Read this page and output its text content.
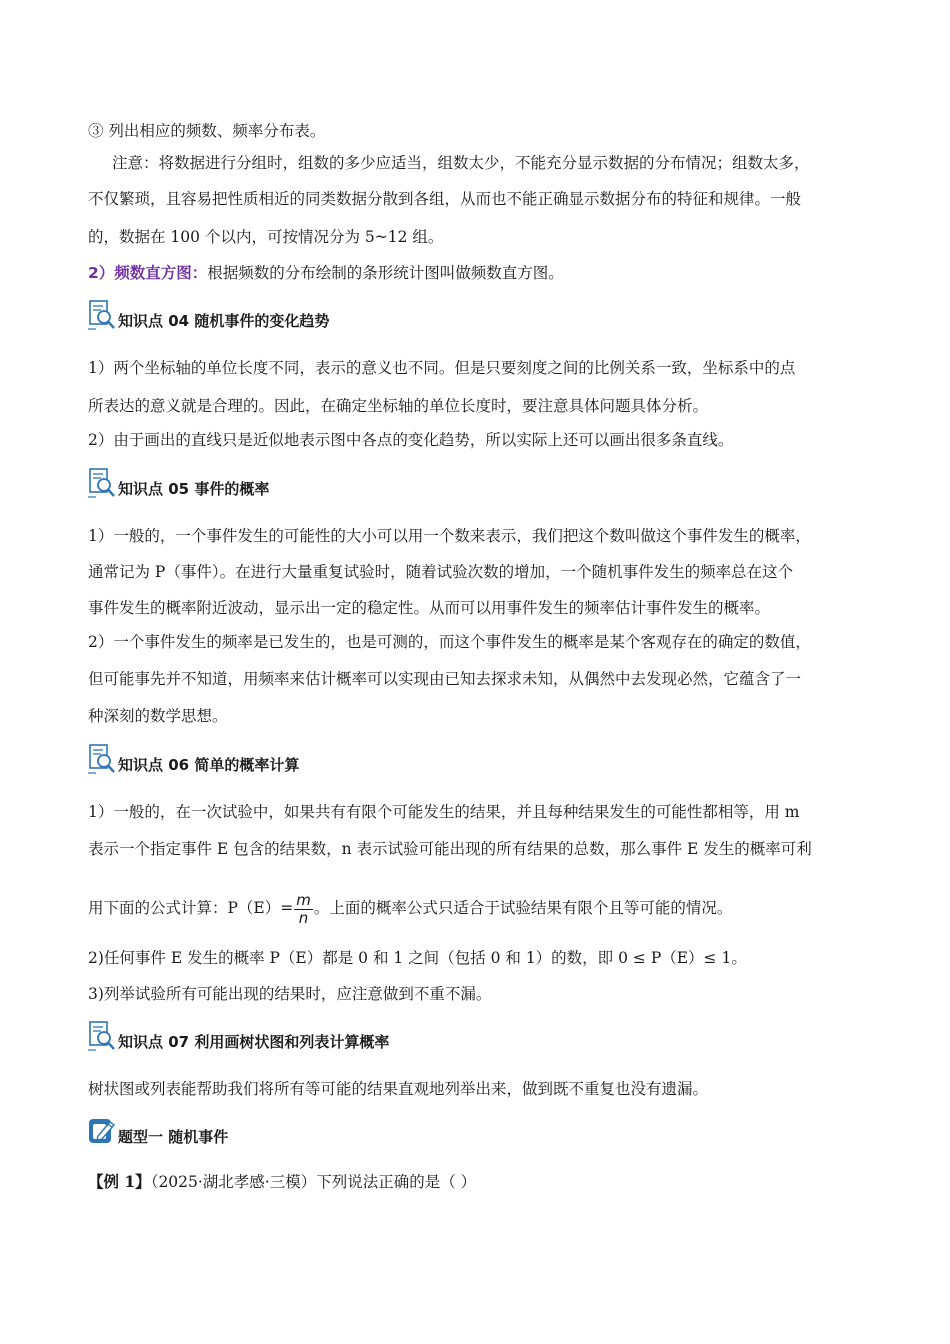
③ 列出相应的频数、频率分布表。
注意：将数据进行分组时，组数的多少应适当，组数太少，不能充分显示数据的分布情况；组数太多，
不仅繁琐，且容易把性质相近的同类数据分散到各组，从而也不能正确显示数据分布的特征和规律。一般
的，数据在 100 个以内，可按情况分为 5~12 组。
2）频数直方图：根据频数的分布绘制的条形统计图叫做频数直方图。
知识点 04 随机事件的变化趋势
1）两个坐标轴的单位长度不同，表示的意义也不同。但是只要刻度之间的比例关系一致，坐标系中的点
所表达的意义就是合理的。因此，在确定坐标轴的单位长度时，要注意具体问题具体分析。
2）由于画出的直线只是近似地表示图中各点的变化趋势，所以实际上还可以画出很多条直线。
知识点 05 事件的概率
1）一般的，一个事件发生的可能性的大小可以用一个数来表示，我们把这个数叫做这个事件发生的概率，
通常记为 P（事件）。在进行大量重复试验时，随着试验次数的增加，一个随机事件发生的频率总在这个
事件发生的概率附近波动，显示出一定的稳定性。从而可以用事件发生的频率估计事件发生的概率。
2）一个事件发生的频率是已发生的，也是可测的，而这个事件发生的概率是某个客观存在的确定的数值，
但可能事先并不知道，用频率来估计概率可以实现由已知去探求未知，从偶然中去发现必然，它蕴含了一
种深刻的数学思想。
知识点 06 简单的概率计算
1）一般的，在一次试验中，如果共有有限个可能发生的结果，并且每种结果发生的可能性都相等，用 m
表示一个指定事件 E 包含的结果数，n 表示试验可能出现的所有结果的总数，那么事件 E 发生的概率可利
用下面的公式计算：$P(E)= \frac{m}{n}$ 。上面的概率公式只适合于试验结果有限个且等可能的情况。
2)任何事件 E 发生的概率 P（E）都是 0 和 1 之间（包括 0 和 1）的数，即 0 ≤ P（E）≤ 1。
3)列举试验所有可能出现的结果时，应注意做到不重不漏。
知识点 07 利用画树状图和列表计算概率
树状图或列表能帮助我们将所有等可能的结果直观地列举出来，做到既不重复也没有遗漏。
题型一 随机事件
【例 1】（2025·湖北孝感·三模）下列说法正确的是（ ）
